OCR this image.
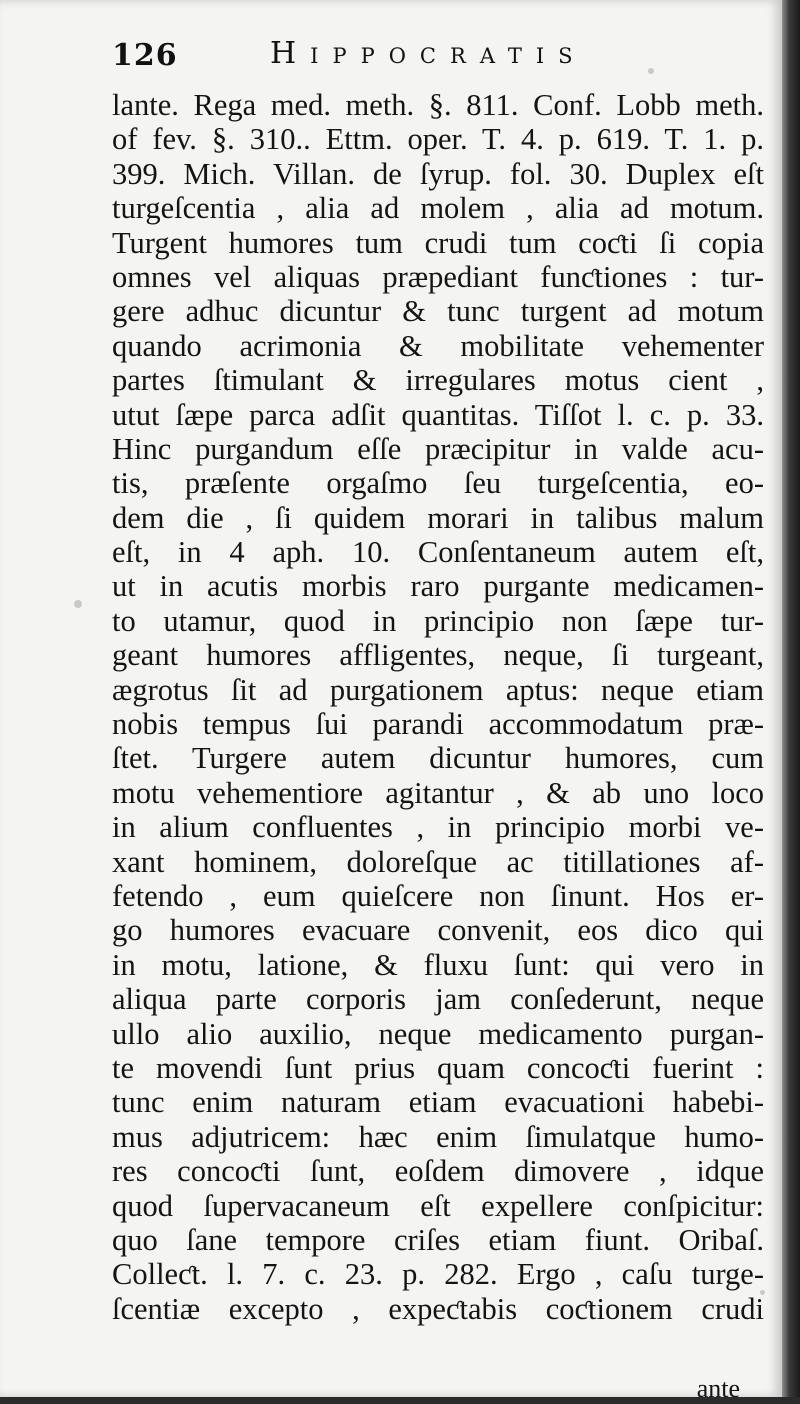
126	Hippocratis
lante. Rega med. meth. §. 811. Conf. Lobb meth.
of fev. §. 310.. Ettm. oper. T. 4. p. 619. T. 1. p.
399. Mich. Villan. de ſyrup. fol. 30. Duplex eſt
turgeſcentia , alia ad molem , alia ad motum.
Turgent humores tum crudi tum coƈti ſi copia
omnes vel aliquas præpediant funƈtiones : tur-
gere adhuc dicuntur & tunc turgent ad motum
quando acrimonia & mobilitate vehementer
partes ſtimulant & irregulares motus cient ,
utut ſæpe parca adſit quantitas. Tiſſot l. c. p. 33.
Hinc purgandum eſſe præcipitur in valde acu-
tis, præſente orgaſmo ſeu turgeſcentia, eo-
dem die , ſi quidem morari in talibus malum
eſt, in 4 aph. 10. Conſentaneum autem eſt,
ut in acutis morbis raro purgante medicamen-
to utamur, quod in principio non ſæpe tur-
geant humores affligentes, neque, ſi turgeant,
ægrotus ſit ad purgationem aptus: neque etiam
nobis tempus ſui parandi accommodatum præ-
ſtet. Turgere autem dicuntur humores, cum
motu vehementiore agitantur , & ab uno loco
in alium confluentes , in principio morbi ve-
xant hominem, doloreſque ac titillationes af-
fetendo , eum quieſcere non ſinunt. Hos er-
go humores evacuare convenit, eos dico qui
in motu, latione, & fluxu ſunt: qui vero in
aliqua parte corporis jam conſederunt, neque
ullo alio auxilio, neque medicamento purgan-
te movendi ſunt prius quam concoƈti fuerint :
tunc enim naturam etiam evacuationi habebi-
mus adjutricem: hæc enim ſimulatque humo-
res concoƈti ſunt, eoſdem dimovere , idque
quod ſupervacaneum eſt expellere conſpicitur:
quo ſane tempore criſes etiam fiunt. Oribaſ.
Colleƈt. l. 7. c. 23. p. 282. Ergo , caſu turge-
ſcentiæ excepto , expeƈtabis coƈtionem crudi
ante
